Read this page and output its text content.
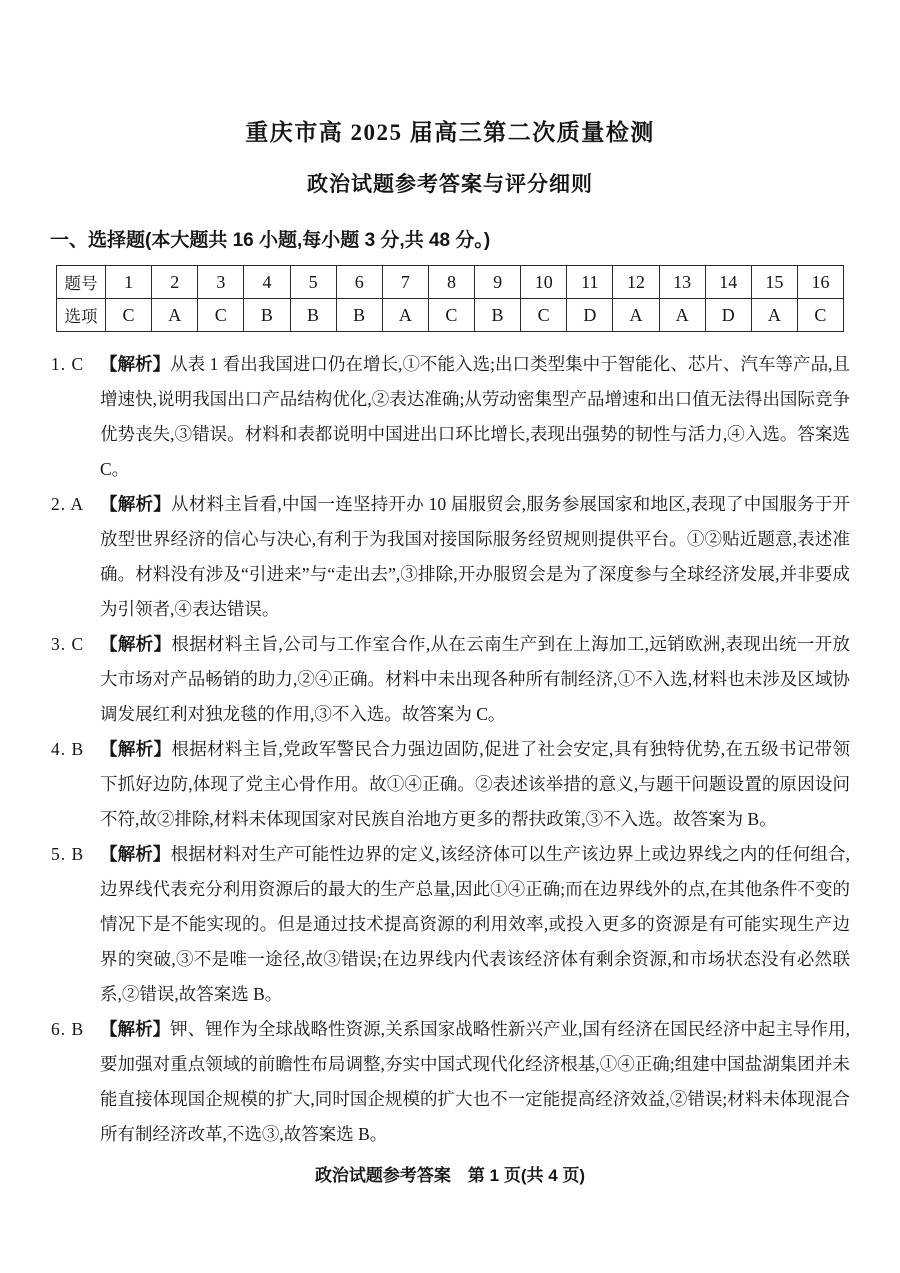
重庆市高 2025 届高三第二次质量检测
政治试题参考答案与评分细则
一、选择题(本大题共 16 小题,每小题 3 分,共 48 分。)
题号	1	2	3	4	5	6	7	8	9	10	11	12	13	14	15	16
选项	C	A	C	B	B	B	A	C	B	C	D	A	A	D	A	C
1. C 【解析】从表 1 看出我国进口仍在增长,①不能入选;出口类型集中于智能化、芯片、汽车等产品,且增速快,说明我国出口产品结构优化,②表达准确;从劳动密集型产品增速和出口值无法得出国际竞争优势丧失,③错误。材料和表都说明中国进出口环比增长,表现出强势的韧性与活力,④入选。答案选 C。

2. A 【解析】从材料主旨看,中国一连坚持开办 10 届服贸会,服务参展国家和地区,表现了中国服务于开放型世界经济的信心与决心,有利于为我国对接国际服务经贸规则提供平台。①②贴近题意,表述准确。材料没有涉及“引进来”与“走出去”,③排除,开办服贸会是为了深度参与全球经济发展,并非要成为引领者,④表达错误。

3. C 【解析】根据材料主旨,公司与工作室合作,从在云南生产到在上海加工,远销欧洲,表现出统一开放大市场对产品畅销的助力,②④正确。材料中未出现各种所有制经济,①不入选,材料也未涉及区域协调发展红利对独龙毯的作用,③不入选。故答案为 C。

4. B 【解析】根据材料主旨,党政军警民合力强边固防,促进了社会安定,具有独特优势,在五级书记带领下抓好边防,体现了党主心骨作用。故①④正确。②表述该举措的意义,与题干问题设置的原因设问不符,故②排除,材料未体现国家对民族自治地方更多的帮扶政策,③不入选。故答案为 B。

5. B 【解析】根据材料对生产可能性边界的定义,该经济体可以生产该边界上或边界线之内的任何组合,边界线代表充分利用资源后的最大的生产总量,因此①④正确;而在边界线外的点,在其他条件不变的情况下是不能实现的。但是通过技术提高资源的利用效率,或投入更多的资源是有可能实现生产边界的突破,③不是唯一途径,故③错误;在边界线内代表该经济体有剩余资源,和市场状态没有必然联系,②错误,故答案选 B。

6. B 【解析】钾、锂作为全球战略性资源,关系国家战略性新兴产业,国有经济在国民经济中起主导作用,要加强对重点领域的前瞻性布局调整,夯实中国式现代化经济根基,①④正确;组建中国盐湖集团并未能直接体现国企规模的扩大,同时国企规模的扩大也不一定能提高经济效益,②错误;材料未体现混合所有制经济改革,不选③,故答案选 B。

政治试题参考答案　第 1 页(共 4 页)
